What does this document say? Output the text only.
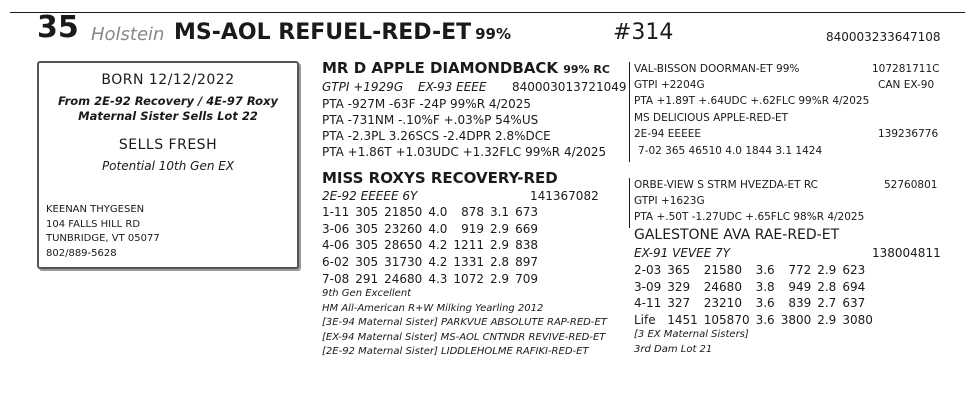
35 Holstein MS-AOL REFUEL-RED-ET 99%	#314	840003233647108
BORN 12/12/2022
From 2E-92 Recovery / 4E-97 Roxy
Maternal Sister Sells Lot 22
SELLS FRESH
Potential 10th Gen EX
KEENAN THYGESEN
104 FALLS HILL RD
TUNBRIDGE, VT 05077
802/889-5628
MR D APPLE DIAMONDBACK 99% RC
GTPI +1929G EX-93 EEEE 840003013721049
PTA -927M -63F -24P 99%R 4/2025
PTA -731NM -.10%F +.03%P 54%US
PTA -2.3PL 3.26SCS -2.4DPR 2.8%DCE
PTA +1.86T +1.03UDC +1.32FLC 99%R 4/2025
VAL-BISSON DOORMAN-ET 99%	107281711C
GTPI +2204G	CAN EX-90
PTA +1.89T +.64UDC +.62FLC 99%R 4/2025
MS DELICIOUS APPLE-RED-ET
2E-94 EEEEE	139236776
7-02 365 46510 4.0 1844 3.1 1424
MISS ROXYS RECOVERY-RED
2E-92 EEEEE 6Y	141367082
1-11	305	21850	4.0	878	3.1	673
3-06	305	23260	4.0	919	2.9	669
4-06	305	28650	4.2	1211	2.9	838
6-02	305	31730	4.2	1331	2.8	897
7-08	291	24680	4.3	1072	2.9	709
9th Gen Excellent
HM All-American R+W Milking Yearling 2012
[3E-94 Maternal Sister] PARKVUE ABSOLUTE RAP-RED-ET
[EX-94 Maternal Sister] MS-AOL CNTNDR REVIVE-RED-ET
[2E-92 Maternal Sister] LIDDLEHOLME RAFIKI-RED-ET
ORBE-VIEW S STRM HVEZDA-ET RC	52760801
GTPI +1623G
PTA +.50T -1.27UDC +.65FLC 98%R 4/2025
GALESTONE AVA RAE-RED-ET
EX-91 VEVEE 7Y	138004811
2-03	365	21580	3.6	772	2.9	623
3-09	329	24680	3.8	949	2.8	694
4-11	327	23210	3.6	839	2.7	637
Life	1451	105870	3.6	3800	2.9	3080
[3 EX Maternal Sisters]
3rd Dam Lot 21
